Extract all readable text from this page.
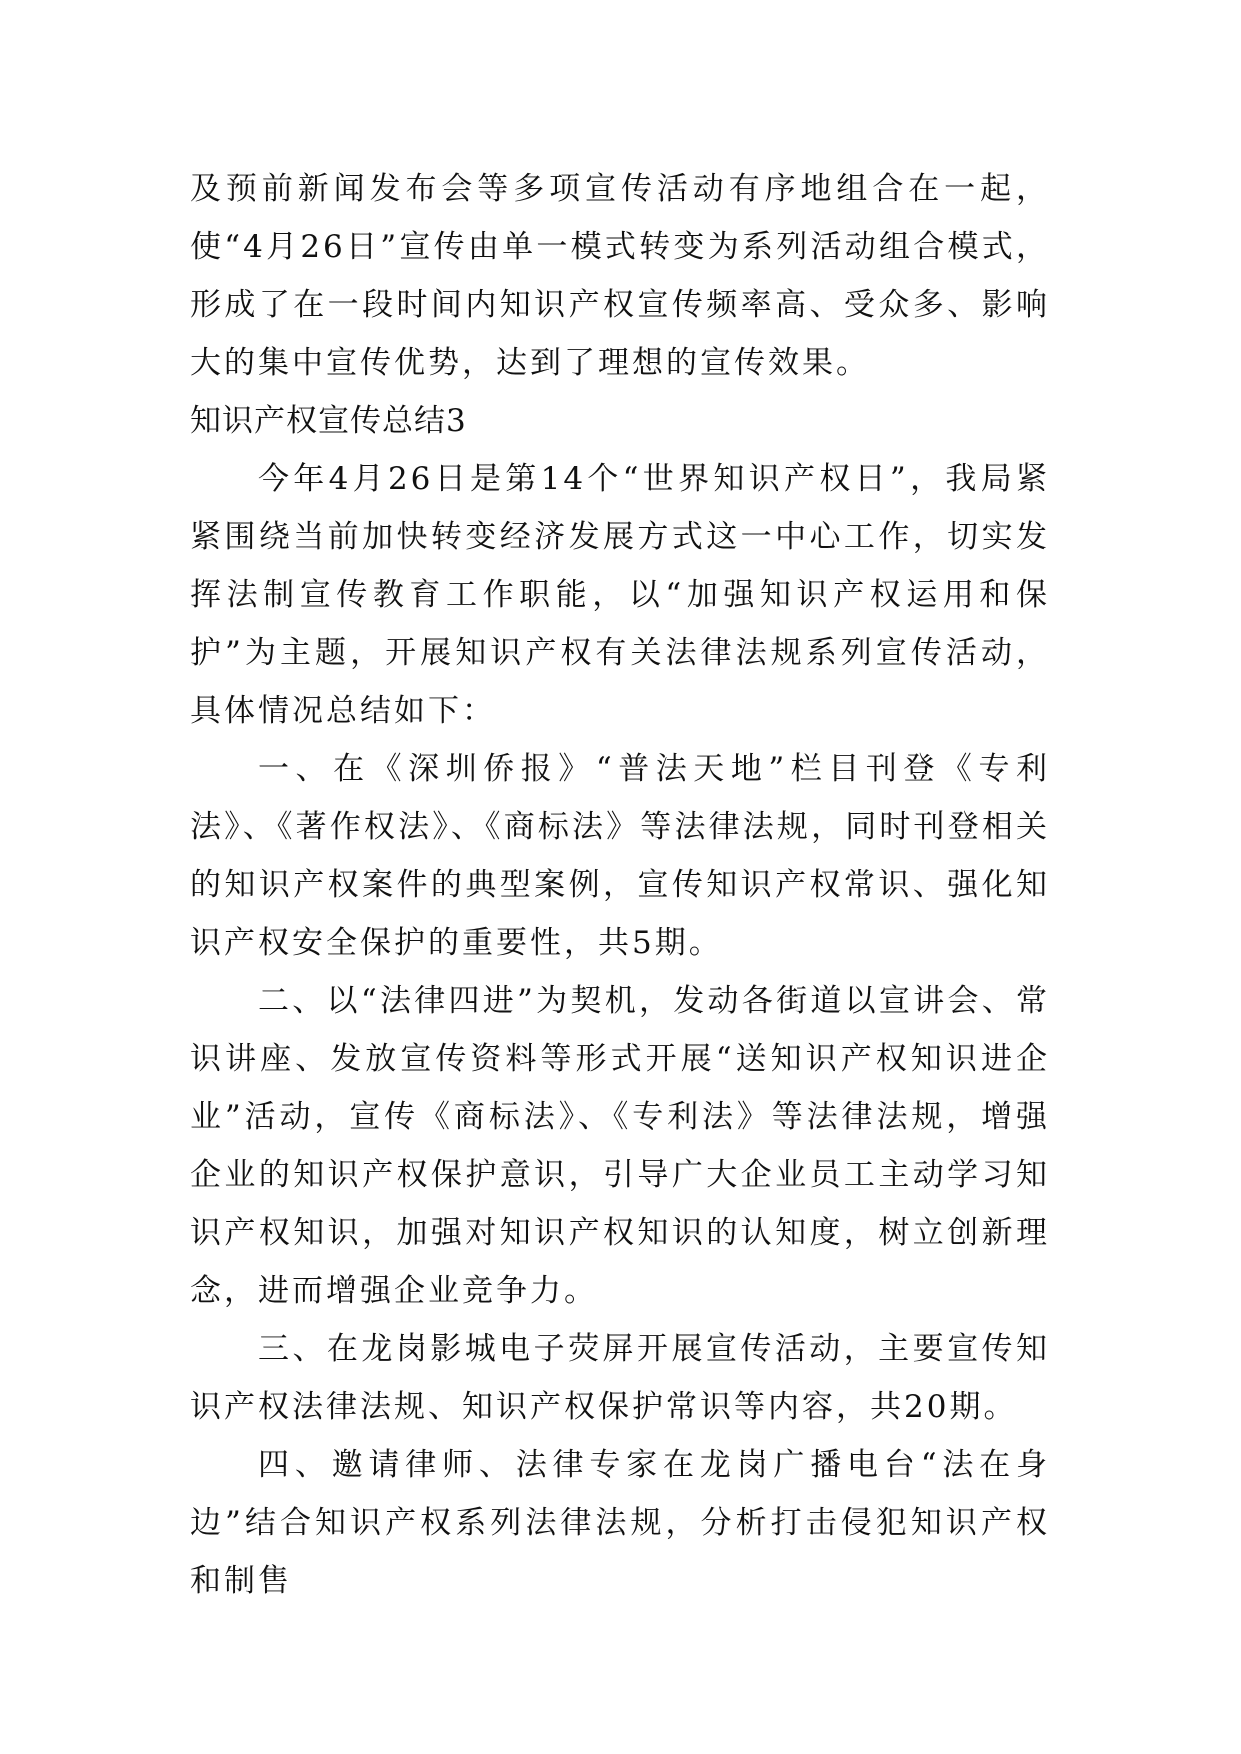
及预前新闻发布会等多项宣传活动有序地组合在一起，使“4月26日”宣传由单一模式转变为系列活动组合模式，形成了在一段时间内知识产权宣传频率高、受众多、影响大的集中宣传优势，达到了理想的宣传效果。

知识产权宣传总结3

今年4月26日是第14个“世界知识产权日”，我局紧紧围绕当前加快转变经济发展方式这一中心工作，切实发挥法制宣传教育工作职能，以“加强知识产权运用和保护”为主题，开展知识产权有关法律法规系列宣传活动，具体情况总结如下：

一、在《深圳侨报》“普法天地”栏目刊登《专利法》、《著作权法》、《商标法》等法律法规，同时刊登相关的知识产权案件的典型案例，宣传知识产权常识、强化知识产权安全保护的重要性，共5期。

二、以“法律四进”为契机，发动各街道以宣讲会、常识讲座、发放宣传资料等形式开展“送知识产权知识进企业”活动，宣传《商标法》、《专利法》等法律法规，增强企业的知识产权保护意识，引导广大企业员工主动学习知识产权知识，加强对知识产权知识的认知度，树立创新理念，进而增强企业竞争力。

三、在龙岗影城电子荧屏开展宣传活动，主要宣传知识产权法律法规、知识产权保护常识等内容，共20期。

四、邀请律师、法律专家在龙岗广播电台“法在身边”结合知识产权系列法律法规，分析打击侵犯知识产权和制售
